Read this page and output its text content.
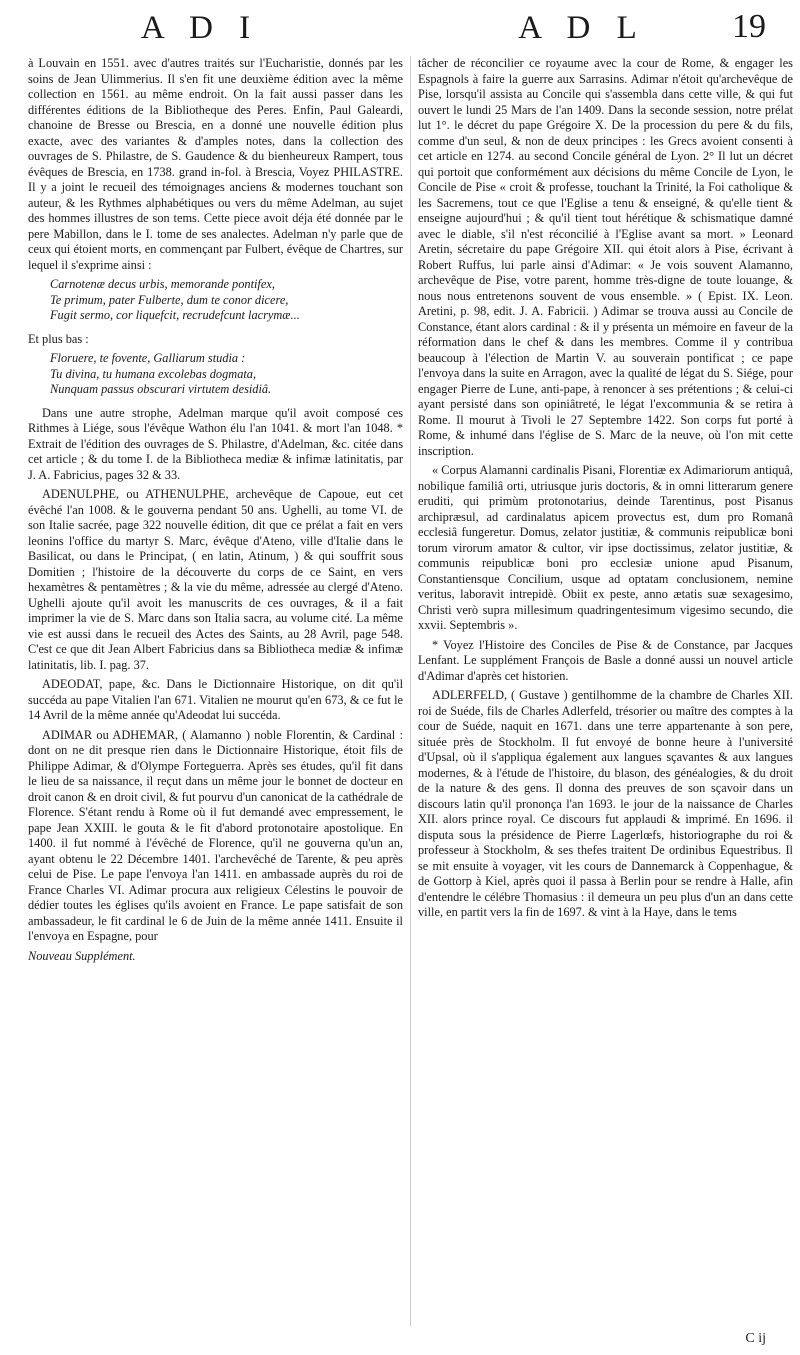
A D I	A D L	19

à Louvain en 1551. avec d'autres traités sur l'Eucharistie, donnés par les soins de Jean Ulimmerius. Il s'en fit une deuxième édition avec la même collection en 1561. au même endroit. On la fait aussi passer dans les différentes éditions de la Bibliotheque des Peres. Enfin, Paul Galeardi, chanoine de Bresse ou Brescia, en a donné une nouvelle édition plus exacte, avec des variantes & d'amples notes, dans la collection des ouvrages de S. Philastre, de S. Gaudence & du bienheureux Rampert, tous évêques de Brescia, en 1738. grand in-fol. à Brescia, Voyez PHILASTRE. Il y a joint le recueil des témoignages anciens & modernes touchant son auteur, & les Rythmes alphabétiques ou vers du même Adelman, au sujet des hommes illustres de son tems. Cette piece avoit déja été donnée par le pere Mabillon, dans le I. tome de ses analectes. Adelman n'y parle que de ceux qui étoient morts, en commençant par Fulbert, évêque de Chartres, sur lequel il s'exprime ainsi :

Carnotenæ decus urbis, memorande pontifex,

Te primum, pater Fulberte, dum te conor dicere,

Fugit sermo, cor liquefcit, recrudefcunt lacrymæ...

Et plus bas :

Floruere, te fovente, Galliarum studia :

Tu divina, tu humana excolebas dogmata,

Nunquam passus obscurari virtutem desidiâ.

Dans une autre strophe, Adelman marque qu'il avoit composé ces Rithmes à Liége, sous l'évêque Wathon élu l'an 1041. & mort l'an 1048. * Extrait de l'édition des ouvrages de S. Philastre, d'Adelman, &c. citée dans cet article ; & du tome I. de la Bibliotheca mediæ & infimæ latinitatis, par J. A. Fabricius, pages 32 & 33.

ADENULPHE, ou ATHENULPHE, archevêque de Capoue, eut cet évêché l'an 1008. & le gouverna pendant 50 ans. Ughelli, au tome VI. de son Italie sacrée, page 322 nouvelle édition, dit que ce prélat a fait en vers leonins l'office du martyr S. Marc, évêque d'Ateno, ville d'Italie dans le Basilicat, ou dans le Principat, ( en latin, Atinum, ) & qui souffrit sous Domitien ; l'histoire de la découverte du corps de ce Saint, en vers hexamètres & pentamètres ; & la vie du même, adressée au clergé d'Ateno. Ughelli ajoute qu'il avoit les manuscrits de ces ouvrages, & il a fait imprimer la vie de S. Marc dans son Italia sacra, au volume cité. La même vie est aussi dans le recueil des Actes des Saints, au 28 Avril, page 548. C'est ce que dit Jean Albert Fabricius dans sa Bibliotheca mediæ & infimæ latinitatis, lib. I. pag. 37.

ADEODAT, pape, &c. Dans le Dictionnaire Historique, on dit qu'il succéda au pape Vitalien l'an 671. Vitalien ne mourut qu'en 673, & ce fut le 14 Avril de la même année qu'Adeodat lui succéda.

ADIMAR ou ADHEMAR, ( Alamanno ) noble Florentin, & Cardinal : dont on ne dit presque rien dans le Dictionnaire Historique, étoit fils de Philippe Adimar, & d'Olympe Forteguerra. Après ses études, qu'il fit dans le lieu de sa naissance, il reçut dans un même jour le bonnet de docteur en droit canon & en droit civil, & fut pourvu d'un canonicat de la cathédrale de Florence. S'étant rendu à Rome où il fut demandé avec empressement, le pape Jean XXIII. le gouta & le fit d'abord protonotaire apostolique. En 1400. il fut nommé à l'évêché de Florence, qu'il ne gouverna qu'un an, ayant obtenu le 22 Décembre 1401. l'archevêché de Tarente, & peu après celui de Pise. Le pape l'envoya l'an 1411. en ambassade auprès du roi de France Charles VI. Adimar procura aux religieux Célestins le pouvoir de dédier toutes les églises qu'ils avoient en France. Le pape satisfait de son ambassadeur, le fit cardinal le 6 de Juin de la même année 1411. Ensuite il l'envoya en Espagne, pour

Nouveau Supplément.

tâcher de réconcilier ce royaume avec la cour de Rome, & engager les Espagnols à faire la guerre aux Sarrasins. Adimar n'étoit qu'archevêque de Pise, lorsqu'il assista au Concile qui s'assembla dans cette ville, & qui fut ouvert le lundi 25 Mars de l'an 1409. Dans la seconde session, notre prélat lut 1°. le décret du pape Grégoire X. De la procession du pere & du fils, comme d'un seul, & non de deux principes : les Grecs avoient consenti à cet article en 1274. au second Concile général de Lyon. 2° Il lut un décret qui portoit que conformément aux décisions du même Concile de Lyon, le Concile de Pise « croit & professe, touchant la Trinité, la Foi catholique & les Sacremens, tout ce que l'Eglise a tenu & enseigné, & qu'elle tient & enseigne aujourd'hui ; & qu'il tient tout hérétique & schismatique damné avec le diable, s'il n'est réconcilié à l'Eglise avant sa mort. » Leonard Aretin, sécretaire du pape Grégoire XII. qui étoit alors à Pise, écrivant à Robert Ruffus, lui parle ainsi d'Adimar: « Je vois souvent Alamanno, archevêque de Pise, votre parent, homme très-digne de toute louange, & nous nous entretenons souvent de vous ensemble. » ( Epist. IX. Leon. Aretini, p. 98, edit. J. A. Fabricii. ) Adimar se trouva aussi au Concile de Constance, étant alors cardinal : & il y présenta un mémoire en faveur de la réformation dans le chef & dans les membres. Comme il y contribua beaucoup à l'élection de Martin V. au souverain pontificat ; ce pape l'envoya dans la suite en Arragon, avec la qualité de légat du S. Siége, pour engager Pierre de Lune, anti-pape, à renoncer à ses prétentions ; & celui-ci ayant persisté dans son opiniâtreté, le légat l'excommunia & se retira à Rome. Il mourut à Tivoli le 27 Septembre 1422. Son corps fut porté à Rome, & inhumé dans l'église de S. Marc de la neuve, où l'on mit cette inscription.

« Corpus Alamanni cardinalis Pisani, Florentiæ ex Adimariorum antiquâ, nobilique familiâ orti, utriusque juris doctoris, & in omni litterarum genere eruditi, qui primùm protonotarius, deinde Tarentinus, post Pisanus archipræsul, ad cardinalatus apicem provectus est, dum pro Romanâ ecclesiâ fungeretur. Domus, zelator justitiæ, & communis reipublicæ boni torum virorum amator & cultor, vir ipse doctissimus, zelator justitiæ, & communis reipublicæ boni pro ecclesiæ unione apud Pisanum, Constantiensque Concilium, usque ad optatam conclusionem, nemine veritus, laboravit intrepidè. Obiit ex peste, anno ætatis suæ sexagesimo, Christi verò supra millesimum quadringentesimum vigesimo secundo, die xxvii. Septembris ».

* Voyez l'Histoire des Conciles de Pise & de Constance, par Jacques Lenfant. Le supplément François de Basle a donné aussi un nouvel article d'Adimar d'après cet historien.

ADLERFELD, ( Gustave ) gentilhomme de la chambre de Charles XII. roi de Suéde, fils de Charles Adlerfeld, trésorier ou maître des comptes à la cour de Suéde, naquit en 1671. dans une terre appartenante à son pere, située près de Stockholm. Il fut envoyé de bonne heure à l'université d'Upsal, où il s'appliqua également aux langues sçavantes & aux langues modernes, & à l'étude de l'histoire, du blason, des généalogies, & du droit de la nature & des gens. Il donna des preuves de son sçavoir dans un discours latin qu'il prononça l'an 1693. le jour de la naissance de Charles XII. alors prince royal. Ce discours fut applaudi & imprimé. En 1696. il disputa sous la présidence de Pierre Lagerlœfs, historiographe du roi & professeur à Stockholm, & ses thefes traitent De ordinibus Equestribus. Il se mit ensuite à voyager, vit les cours de Dannemarck à Coppenhague, & de Gottorp à Kiel, après quoi il passa à Berlin pour se rendre à Halle, afin d'entendre le célébre Thomasius : il demeura un peu plus d'un an dans cette ville, en partit vers la fin de 1697. & vint à la Haye, dans le tems

C ij
